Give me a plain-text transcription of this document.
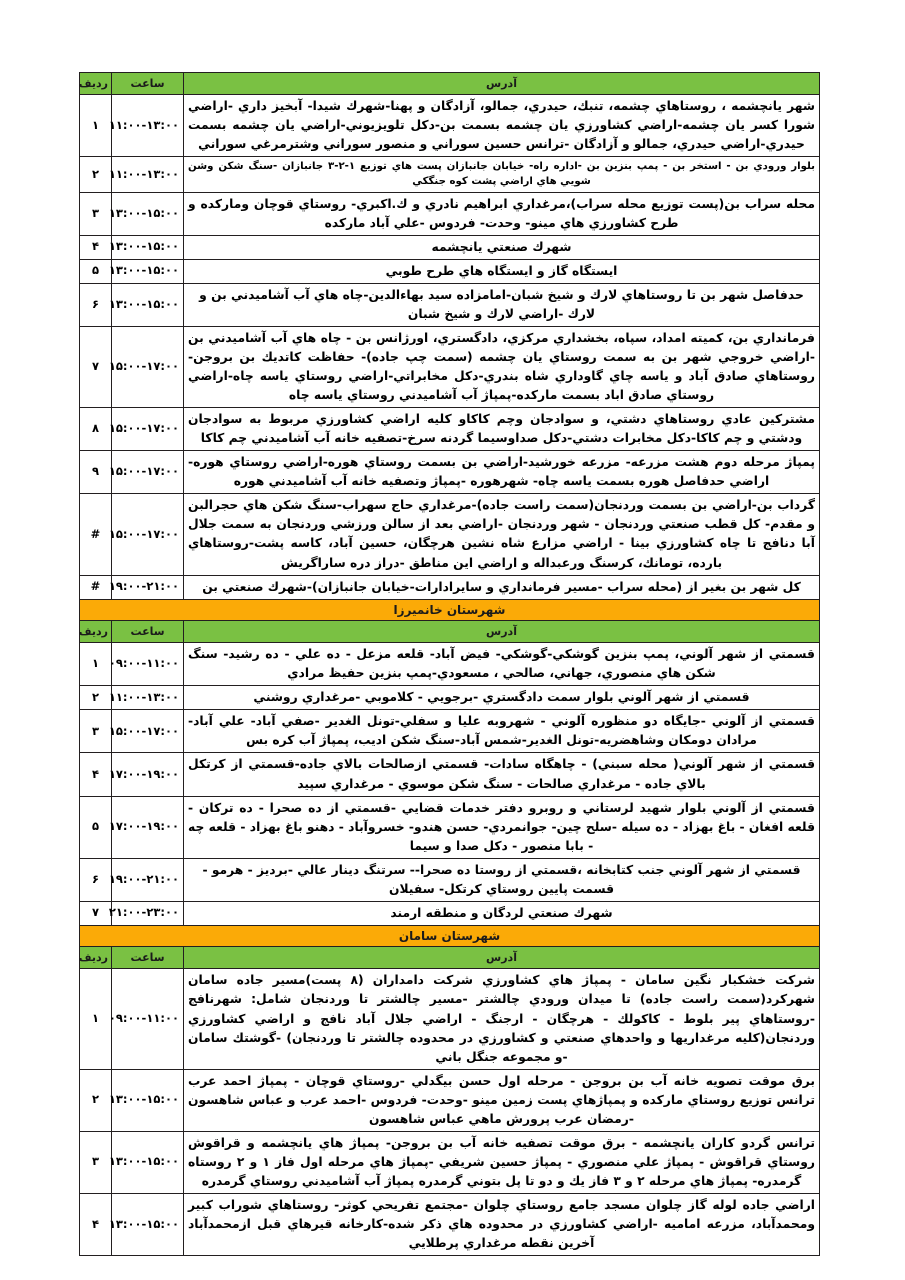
آدرس	ساعت	ردیف
شهر يانچشمه ، روستاهاي چشمه، تنبك، حيدري، جمالو، آزادگان و پهنا-شهرك شيدا- آبخيز داري -اراضي شورا كسر يان چشمه-اراضي كشاورزي يان چشمه بسمت بن-دكل تلويزيوني-اراضي يان چشمه بسمت حيدري-اراضي حيدري، جمالو و آزادگان -ترانس حسين سوراني و منصور سوراني وشترمرغي سوراني	۱۱:۰۰-۱۳:۰۰	۱
بلوار ورودي بن - استخر بن - پمپ بنزين بن -اداره راه- خيابان جانبازان پست هاي توزيع ۱-۲-۳ جانبازان -سنگ شكن وشن شويي هاي اراضي پشت كوه جنگكي	۱۱:۰۰-۱۳:۰۰	۲
محله سراب بن(پست توزيع محله سراب)،مرغداري ابراهيم نادري و ك.اكبري- روستاي قوچان وماركده و طرح كشاورزي هاي مينو- وحدت- فردوس -علي آباد ماركده	۱۳:۰۰-۱۵:۰۰	۳
شهرك صنعتي يانچشمه	۱۳:۰۰-۱۵:۰۰	۴
ايستگاه گاز و ايستگاه هاي طرح طوبي	۱۳:۰۰-۱۵:۰۰	۵
حدفاصل شهر بن تا روستاهاي لارك و شيخ شبان-امامزاده سيد بهاءالدين-چاه هاي آب آشاميدني بن و لارك -اراضي لارك و شيخ شبان	۱۳:۰۰-۱۵:۰۰	۶
فرمانداري بن، كميته امداد، سپاه، بخشداري مركزي، دادگستري، اورژانس بن - چاه هاي آب آشاميدني بن -اراضي خروجي شهر بن به سمت روستاي يان چشمه (سمت چپ جاده)- حفاظت كاتديك بن بروجن-روستاهاي صادق آباد و ياسه چاي گاوداري شاه بندري-دكل مخابراتي-اراضي روستاي ياسه چاه-اراضي روستاي صادق اباد بسمت ماركده-پمپاژ آب آشاميدني روستاي ياسه چاه	۱۵:۰۰-۱۷:۰۰	۷
مشتركين عادي روستاهاي دشتي، و سوادجان وچم كاكاو كليه اراضي كشاورزي مربوط به سوادجان ودشتي و چم كاكا-دكل مخابرات دشتي-دكل صداوسيما گردنه سرخ-تصفيه خانه آب آشاميدني چم كاكا	۱۵:۰۰-۱۷:۰۰	۸
پمپاژ مرحله دوم هشت مزرعه- مزرعه خورشيد-اراضي بن بسمت روستاي هوره-اراضي روستاي هوره-اراضي حدفاصل هوره بسمت ياسه چاه- شهرهوره -پمپاژ وتصفيه خانه آب آشاميدني هوره	۱۵:۰۰-۱۷:۰۰	۹
گرداب بن-اراضي بن بسمت وردنجان(سمت راست جاده)-مرغداري حاج سهراب-سنگ شكن هاي حجرالبن و مقدم- كل قطب صنعتي وردنجان - شهر وردنجان -اراضي بعد از سالن ورزشي وردنجان به سمت جلال آبا دنافج تا چاه كشاورزي بينا - اراضي مزارع شاه نشين هرچگان، حسين آباد، كاسه پشت-روستاهاي بارده، تومانك، كرسنگ ورعبداله و اراضي اين مناطق -دراز دره ساراگريش	۱۵:۰۰-۱۷:۰۰	#
كل شهر بن بغير از (محله سراب -مسير فرمانداري و سايرادارات-خيابان جانبازان)-شهرك صنعتي بن	۱۹:۰۰-۲۱:۰۰	#
شهرستان خانميرزا		
آدرس	ساعت	ردیف
قسمتي از شهر آلوني، پمپ بنزين گوشكي-گوشكي- فيض آباد- قلعه مزعل - ده علي - ده رشيد- سنگ شكن هاي منصوري، جهاني، صالحي ، مسعودي-پمپ بنزين حفيظ مرادي	۰۹:۰۰-۱۱:۰۰	۱
قسمتي از شهر آلوني بلوار سمت دادگستري -برجويي - كلاموبي -مرغداري روشني	۱۱:۰۰-۱۳:۰۰	۲
قسمتي از آلوني -جايگاه دو منظوره آلوني - شهروبه عليا و سفلي-تونل الغدير -صفي آباد- علي آباد-مرادان دومكان وشاهضريه-تونل الغدير-شمس آباد-سنگ شكن اديب، پمپاژ آب كره بس	۱۵:۰۰-۱۷:۰۰	۳
قسمتي از شهر آلوني( محله سبني) - چاهگاه سادات- قسمتي ازصالحات بالاي جاده-قسمتي از كرتكل بالاي جاده - مرغداري صالحات - سنگ شكن موسوي - مرغداري سپيد	۱۷:۰۰-۱۹:۰۰	۴
قسمتي از آلوني بلوار شهيد لرستاني و روبرو دفتر خدمات قضايي -قسمتي از ده صحرا - ده تركان - قلعه افغان - باغ بهزاد - ده سيله -سلح چين- جوانمردي- حسن هندو- خسروآباد - دهنو باغ بهزاد - قلعه چه - بابا منصور - دكل صدا و سيما	۱۷:۰۰-۱۹:۰۰	۵
قسمتي از شهر آلوني جنب كتابخانه ،قسمتي از روستا ده صحرا-- سرتنگ دينار عالي -برديز - هرمو - قسمت پايين روستاي كرتكل- سفيلان	۱۹:۰۰-۲۱:۰۰	۶
شهرك صنعتي لردگان و منطقه ارمند	۲۱:۰۰-۲۳:۰۰	۷
شهرستان سامان		
آدرس	ساعت	ردیف
شركت خشكبار نگين سامان - پمپاژ هاي كشاورزي شركت دامداران (۸ پست)مسير جاده سامان شهركرد(سمت راست جاده) تا ميدان ورودي چالشتر -مسير چالشتر تا وردنجان شامل: شهرنافج -روستاهاي پير بلوط - كاكولك - هرچگان - ارجنگ - اراضي جلال آباد نافج و اراضي كشاورزي وردنجان(كليه مرغداريها و واحدهاي صنعتي و كشاورزي در محدوده چالشتر تا وردنجان) -گوشتك سامان -و مجموعه جنگل باني	۰۹:۰۰-۱۱:۰۰	۱
برق موقت تصويه خانه آب بن بروجن - مرحله اول حسن بيگدلي -روستاي قوچان - پمپاژ احمد عرب ترانس توزيع روستاي ماركده و پمپاژهاي پست زمين مينو -وحدت- فردوس -احمد عرب و عباس شاهسون -رمضان عرب پرورش ماهي عباس شاهسون	۱۳:۰۰-۱۵:۰۰	۲
ترانس گردو كاران يانچشمه - برق موقت تصفيه خانه آب بن بروجن- پمپاژ هاي يانچشمه و قراقوش روستاي قراقوش - پمپاژ علي منصوري - پمپاژ حسين شريفي -پمپاژ هاي مرحله اول فاز ۱ و ۲ روستاه گرمدره- پمپاژ هاي مرحله ۲ و ۳ فاز يك و دو تا پل بتوني گرمدره پمپاژ آب آشاميدني روستاي گرمدره	۱۳:۰۰-۱۵:۰۰	۳
اراضي جاده لوله گاز چلوان مسجد جامع روستاي چلوان -مجتمع تفريحي كوثر- روستاهاي شوراب كبير ومحمدآباد، مزرعه اماميه -اراضي كشاورزي در محدوده هاي ذكر شده-كارخانه قيرهاي قبل ازمحمدآباد آخرين نقطه مرغداري پرطلايي	۱۳:۰۰-۱۵:۰۰	۴
